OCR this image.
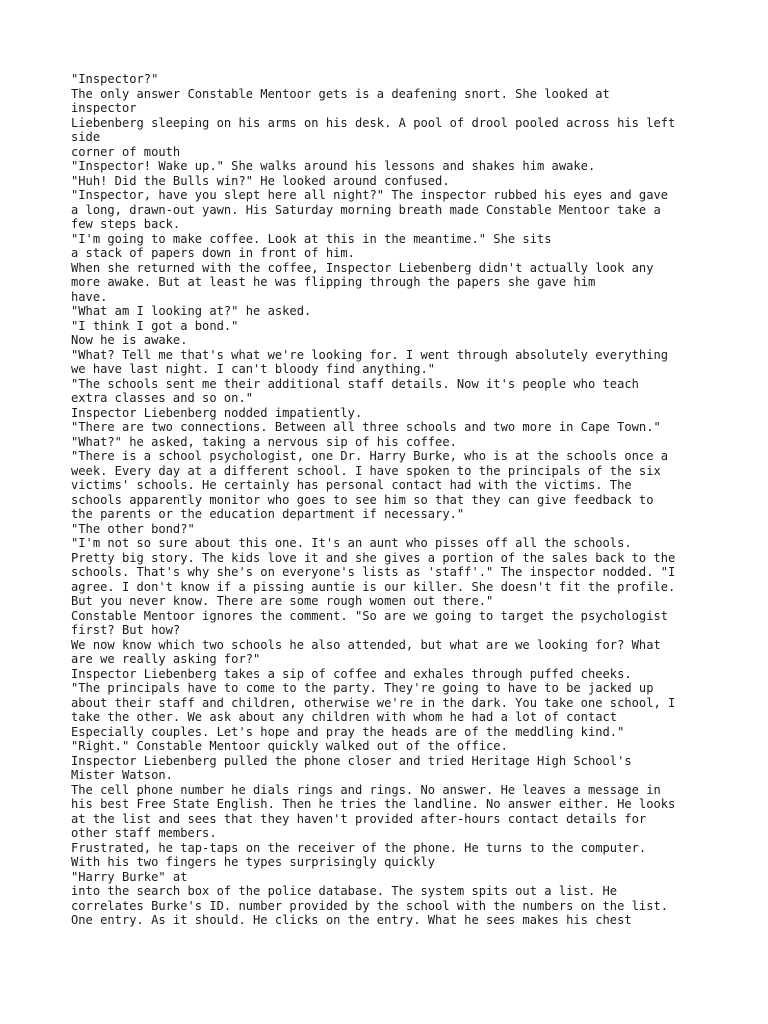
"Inspector?"
The only answer Constable Mentoor gets is a deafening snort. She looked at
inspector
Liebenberg sleeping on his arms on his desk. A pool of drool pooled across his left
side
corner of mouth
"Inspector! Wake up." She walks around his lessons and shakes him awake.
"Huh! Did the Bulls win?" He looked around confused.
"Inspector, have you slept here all night?" The inspector rubbed his eyes and gave
a long, drawn-out yawn. His Saturday morning breath made Constable Mentoor take a
few steps back.
"I'm going to make coffee. Look at this in the meantime." She sits
a stack of papers down in front of him.
When she returned with the coffee, Inspector Liebenberg didn't actually look any
more awake. But at least he was flipping through the papers she gave him
have.
"What am I looking at?" he asked.
"I think I got a bond."
Now he is awake.
"What? Tell me that's what we're looking for. I went through absolutely everything
we have last night. I can't bloody find anything."
"The schools sent me their additional staff details. Now it's people who teach
extra classes and so on."
Inspector Liebenberg nodded impatiently.
"There are two connections. Between all three schools and two more in Cape Town."
"What?" he asked, taking a nervous sip of his coffee.
"There is a school psychologist, one Dr. Harry Burke, who is at the schools once a
week. Every day at a different school. I have spoken to the principals of the six
victims' schools. He certainly has personal contact had with the victims. The
schools apparently monitor who goes to see him so that they can give feedback to
the parents or the education department if necessary."
"The other bond?"
"I'm not so sure about this one. It's an aunt who pisses off all the schools.
Pretty big story. The kids love it and she gives a portion of the sales back to the
schools. That's why she's on everyone's lists as 'staff'." The inspector nodded. "I
agree. I don't know if a pissing auntie is our killer. She doesn't fit the profile.
But you never know. There are some rough women out there."
Constable Mentoor ignores the comment. "So are we going to target the psychologist
first? But how?
We now know which two schools he also attended, but what are we looking for? What
are we really asking for?"
Inspector Liebenberg takes a sip of coffee and exhales through puffed cheeks.
"The principals have to come to the party. They're going to have to be jacked up
about their staff and children, otherwise we're in the dark. You take one school, I
take the other. We ask about any children with whom he had a lot of contact
Especially couples. Let's hope and pray the heads are of the meddling kind."
"Right." Constable Mentoor quickly walked out of the office.
Inspector Liebenberg pulled the phone closer and tried Heritage High School's
Mister Watson.
The cell phone number he dials rings and rings. No answer. He leaves a message in
his best Free State English. Then he tries the landline. No answer either. He looks
at the list and sees that they haven't provided after-hours contact details for
other staff members.
Frustrated, he tap-taps on the receiver of the phone. He turns to the computer.
With his two fingers he types surprisingly quickly
"Harry Burke" at
into the search box of the police database. The system spits out a list. He
correlates Burke's ID. number provided by the school with the numbers on the list.
One entry. As it should. He clicks on the entry. What he sees makes his chest
